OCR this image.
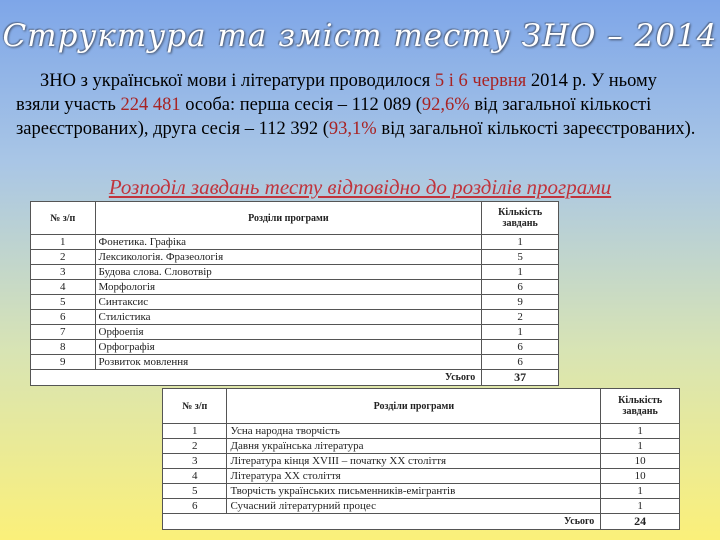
Структура та зміст тесту ЗНО – 2014
ЗНО з української мови і літератури проводилося 5 і 6 червня 2014 р. У ньому взяли участь 224 481 особа: перша сесія – 112 089 (92,6% від загальної кількості зареєстрованих), друга сесія – 112 392 (93,1% від загальної кількості зареєстрованих).
Розподіл завдань тесту відповідно до розділів програми
№ з/п	Розділи програми	Кількість завдань
1	Фонетика. Графіка	1
2	Лексикологія. Фразеологія	5
3	Будова слова. Словотвір	1
4	Морфологія	6
5	Синтаксис	9
6	Стилістика	2
7	Орфоепія	1
8	Орфографія	6
9	Розвиток мовлення	6
Усього		37
№ з/п	Розділи програми	Кількість завдань
1	Усна народна творчість	1
2	Давня українська література	1
3	Література кінця XVIII – початку XX століття	10
4	Література XX століття	10
5	Творчість українських письменників-емігрантів	1
6	Сучасний літературний процес	1
Усього		24
